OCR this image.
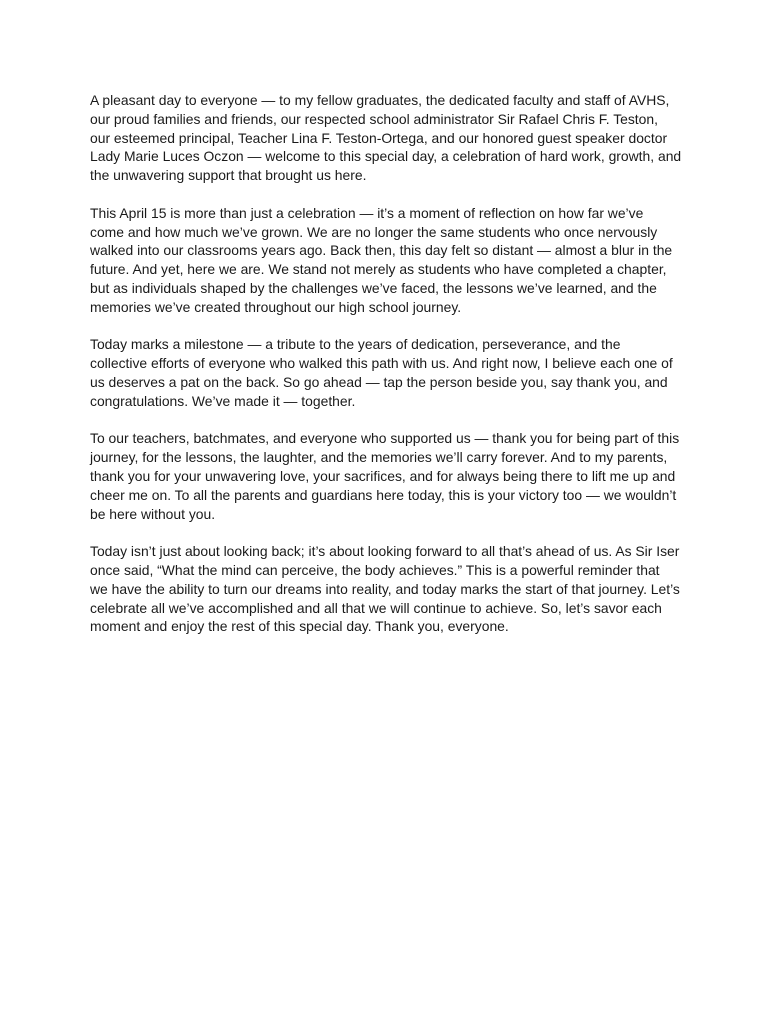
A pleasant day to everyone — to my fellow graduates, the dedicated faculty and staff of AVHS,
our proud families and friends, our respected school administrator Sir Rafael Chris F. Teston,
our esteemed principal, Teacher Lina F. Teston-Ortega, and our honored guest speaker doctor
Lady Marie Luces Oczon — welcome to this special day, a celebration of hard work, growth, and
the unwavering support that brought us here.

This April 15 is more than just a celebration — it’s a moment of reflection on how far we’ve
come and how much we’ve grown. We are no longer the same students who once nervously
walked into our classrooms years ago. Back then, this day felt so distant — almost a blur in the
future. And yet, here we are. We stand not merely as students who have completed a chapter,
but as individuals shaped by the challenges we’ve faced, the lessons we’ve learned, and the
memories we’ve created throughout our high school journey.

Today marks a milestone — a tribute to the years of dedication, perseverance, and the
collective efforts of everyone who walked this path with us. And right now, I believe each one of
us deserves a pat on the back. So go ahead — tap the person beside you, say thank you, and
congratulations. We’ve made it — together.

To our teachers, batchmates, and everyone who supported us — thank you for being part of this
journey, for the lessons, the laughter, and the memories we’ll carry forever. And to my parents,
thank you for your unwavering love, your sacrifices, and for always being there to lift me up and
cheer me on. To all the parents and guardians here today, this is your victory too — we wouldn’t
be here without you.

Today isn’t just about looking back; it’s about looking forward to all that’s ahead of us. As Sir Iser
once said, “What the mind can perceive, the body achieves.” This is a powerful reminder that
we have the ability to turn our dreams into reality, and today marks the start of that journey. Let’s
celebrate all we’ve accomplished and all that we will continue to achieve. So, let’s savor each
moment and enjoy the rest of this special day. Thank you, everyone.
